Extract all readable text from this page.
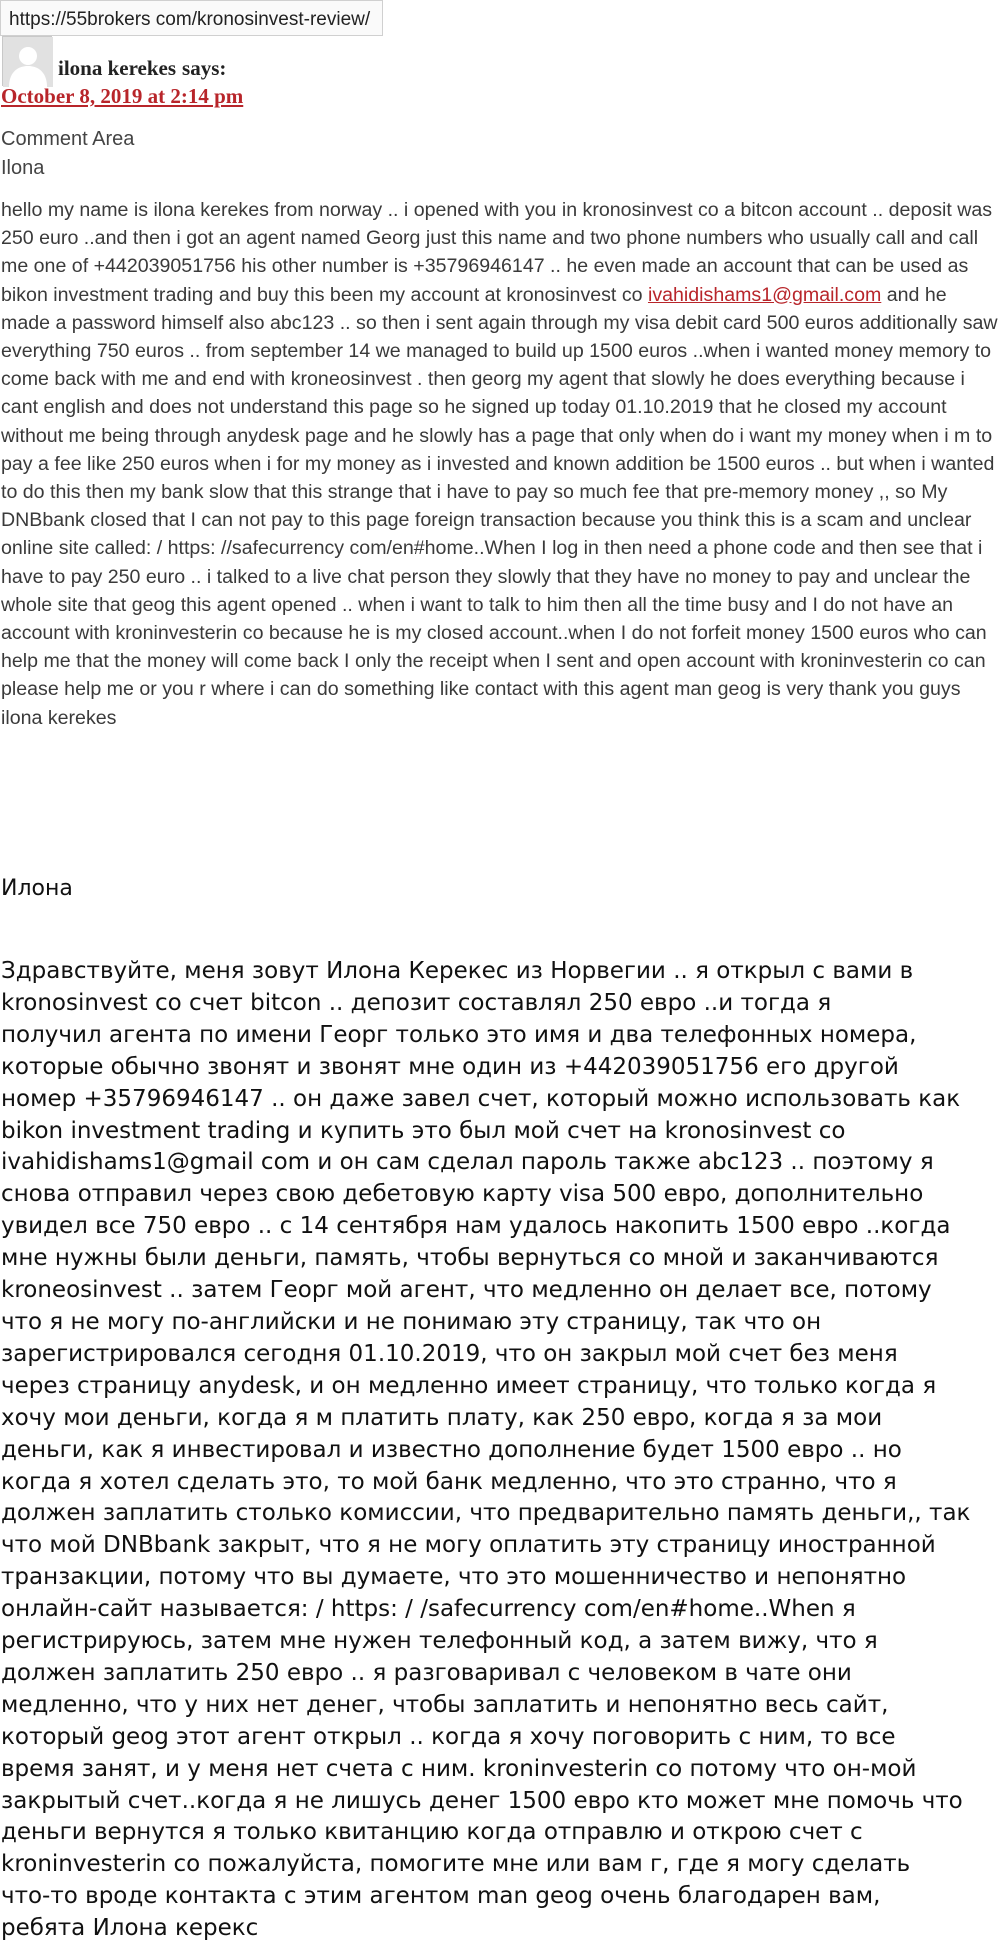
https://55brokers com/kronosinvest-review/
ilona kerekes says:
October 8, 2019 at 2:14 pm
Comment Area
Ilona
hello my name is ilona kerekes from norway .. i opened with you in kronosinvest co a bitcon account .. deposit was 250 euro ..and then i got an agent named Georg just this name and two phone numbers who usually call and call me one of +442039051756 his other number is +35796946147 .. he even made an account that can be used as bikon investment trading and buy this been my account at kronosinvest co ivahidishams1@gmail.com and he made a password himself also abc123 .. so then i sent again through my visa debit card 500 euros additionally saw everything 750 euros .. from september 14 we managed to build up 1500 euros ..when i wanted money memory to come back with me and end with kroneosinvest . then georg my agent that slowly he does everything because i cant english and does not understand this page so he signed up today 01.10.2019 that he closed my account without me being through anydesk page and he slowly has a page that only when do i want my money when i m to pay a fee like 250 euros when i for my money as i invested and known addition be 1500 euros .. but when i wanted to do this then my bank slow that this strange that i have to pay so much fee that pre-memory money ,, so My DNBbank closed that I can not pay to this page foreign transaction because you think this is a scam and unclear online site called: / https: //safecurrency com/en#home..When I log in then need a phone code and then see that i have to pay 250 euro .. i talked to a live chat person they slowly that they have no money to pay and unclear the whole site that geog this agent opened .. when i want to talk to him then all the time busy and I do not have an account with kroninvesterin co because he is my closed account..when I do not forfeit money 1500 euros who can help me that the money will come back I only the receipt when I sent and open account with kroninvesterin co can please help me or you r where i can do something like contact with this agent man geog is very thank you guys ilona kerekes
Илона
Здравствуйте, меня зовут Илона Керекес из Норвегии .. я открыл с вами в
kronosinvest co счет bitcon .. депозит составлял 250 евро ..и тогда я
получил агента по имени Георг только это имя и два телефонных номера,
которые обычно звонят и звонят мне один из +442039051756 его другой
номер +35796946147 .. он даже завел счет, который можно использовать как
bikon investment trading и купить это был мой счет на kronosinvest co
ivahidishams1@gmail com и он сам сделал пароль также abc123 .. поэтому я
снова отправил через свою дебетовую карту visa 500 евро, дополнительно
увидел все 750 евро .. с 14 сентября нам удалось накопить 1500 евро ..когда
мне нужны были деньги, память, чтобы вернуться со мной и заканчиваются
kroneosinvest .. затем Георг мой агент, что медленно он делает все, потому
что я не могу по-английски и не понимаю эту страницу, так что он
зарегистрировался сегодня 01.10.2019, что он закрыл мой счет без меня
через страницу anydesk, и он медленно имеет страницу, что только когда я
хочу мои деньги, когда я м платить плату, как 250 евро, когда я за мои
деньги, как я инвестировал и известно дополнение будет 1500 евро .. но
когда я хотел сделать это, то мой банк медленно, что это странно, что я
должен заплатить столько комиссии, что предварительно память деньги,, так
что мой DNBbank закрыт, что я не могу оплатить эту страницу иностранной
транзакции, потому что вы думаете, что это мошенничество и непонятно
онлайн-сайт называется: / https: / /safecurrency com/en#home..When я
регистрируюсь, затем мне нужен телефонный код, а затем вижу, что я
должен заплатить 250 евро .. я разговаривал с человеком в чате они
медленно, что у них нет денег, чтобы заплатить и непонятно весь сайт,
который geog этот агент открыл .. когда я хочу поговорить с ним, то все
время занят, и у меня нет счета с ним. kroninvesterin co потому что он-мой
закрытый счет..когда я не лишусь денег 1500 евро кто может мне помочь что
деньги вернутся я только квитанцию когда отправлю и открою счет с
kroninvesterin co пожалуйста, помогите мне или вам г, где я могу сделать
что-то вроде контакта с этим агентом man geog очень благодарен вам,
ребята Илона керекс
